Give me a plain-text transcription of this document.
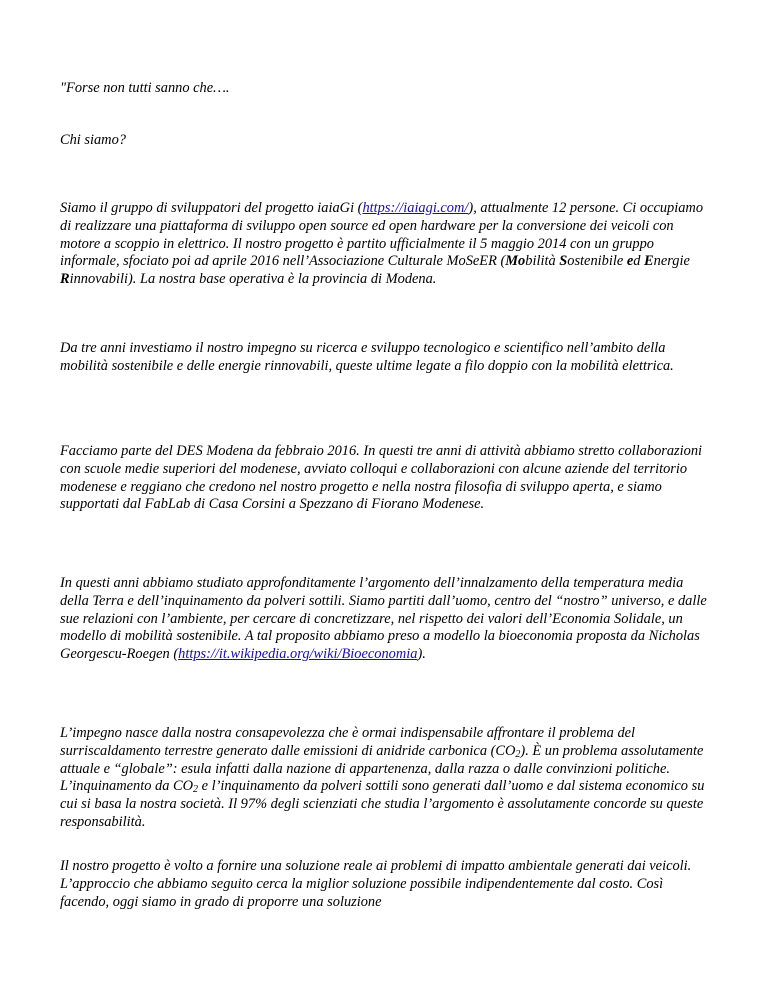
"Forse non tutti sanno che….

Chi siamo?

Siamo il gruppo di sviluppatori del progetto iaiaGi (https://iaiagi.com/), attualmente 12 persone. Ci occupiamo di realizzare una piattaforma di sviluppo open source ed open hardware per la conversione dei veicoli con motore a scoppio in elettrico. Il nostro progetto è partito ufficialmente il 5 maggio 2014 con un gruppo informale, sfociato poi ad aprile 2016 nell’Associazione Culturale MoSeER (Mobilità Sostenibile ed Energie Rinnovabili). La nostra base operativa è la provincia di Modena.

Da tre anni investiamo il nostro impegno su ricerca e sviluppo tecnologico e scientifico nell’ambito della mobilità sostenibile e delle energie rinnovabili, queste ultime legate a filo doppio con la mobilità elettrica.

Facciamo parte del DES Modena da febbraio 2016. In questi tre anni di attività abbiamo stretto collaborazioni con scuole medie superiori del modenese, avviato colloqui e collaborazioni con alcune aziende del territorio modenese e reggiano che credono nel nostro progetto e nella nostra filosofia di sviluppo aperta, e siamo supportati dal FabLab di Casa Corsini a Spezzano di Fiorano Modenese.

In questi anni abbiamo studiato approfonditamente l’argomento dell’innalzamento della temperatura media della Terra e dell’inquinamento da polveri sottili. Siamo partiti dall’uomo, centro del “nostro” universo, e dalle sue relazioni con l’ambiente, per cercare di concretizzare, nel rispetto dei valori dell’Economia Solidale, un modello di mobilità sostenibile. A tal proposito abbiamo preso a modello la bioeconomia proposta da Nicholas Georgescu-Roegen (https://it.wikipedia.org/wiki/Bioeconomia).

L’impegno nasce dalla nostra consapevolezza che è ormai indispensabile affrontare il problema del surriscaldamento terrestre generato dalle emissioni di anidride carbonica $(CO_2)$. È un problema assolutamente attuale e “globale”: esula infatti dalla nazione di appartenenza, dalla razza o dalle convinzioni politiche. L’inquinamento da $CO_2$ e l’inquinamento da polveri sottili sono generati dall’uomo e dal sistema economico su cui si basa la nostra società. Il 97% degli scienziati che studia l’argomento è assolutamente concorde su queste responsabilità.

Il nostro progetto è volto a fornire una soluzione reale ai problemi di impatto ambientale generati dai veicoli. L’approccio che abbiamo seguito cerca la miglior soluzione possibile indipendentemente dal costo. Così facendo, oggi siamo in grado di proporre una soluzione
